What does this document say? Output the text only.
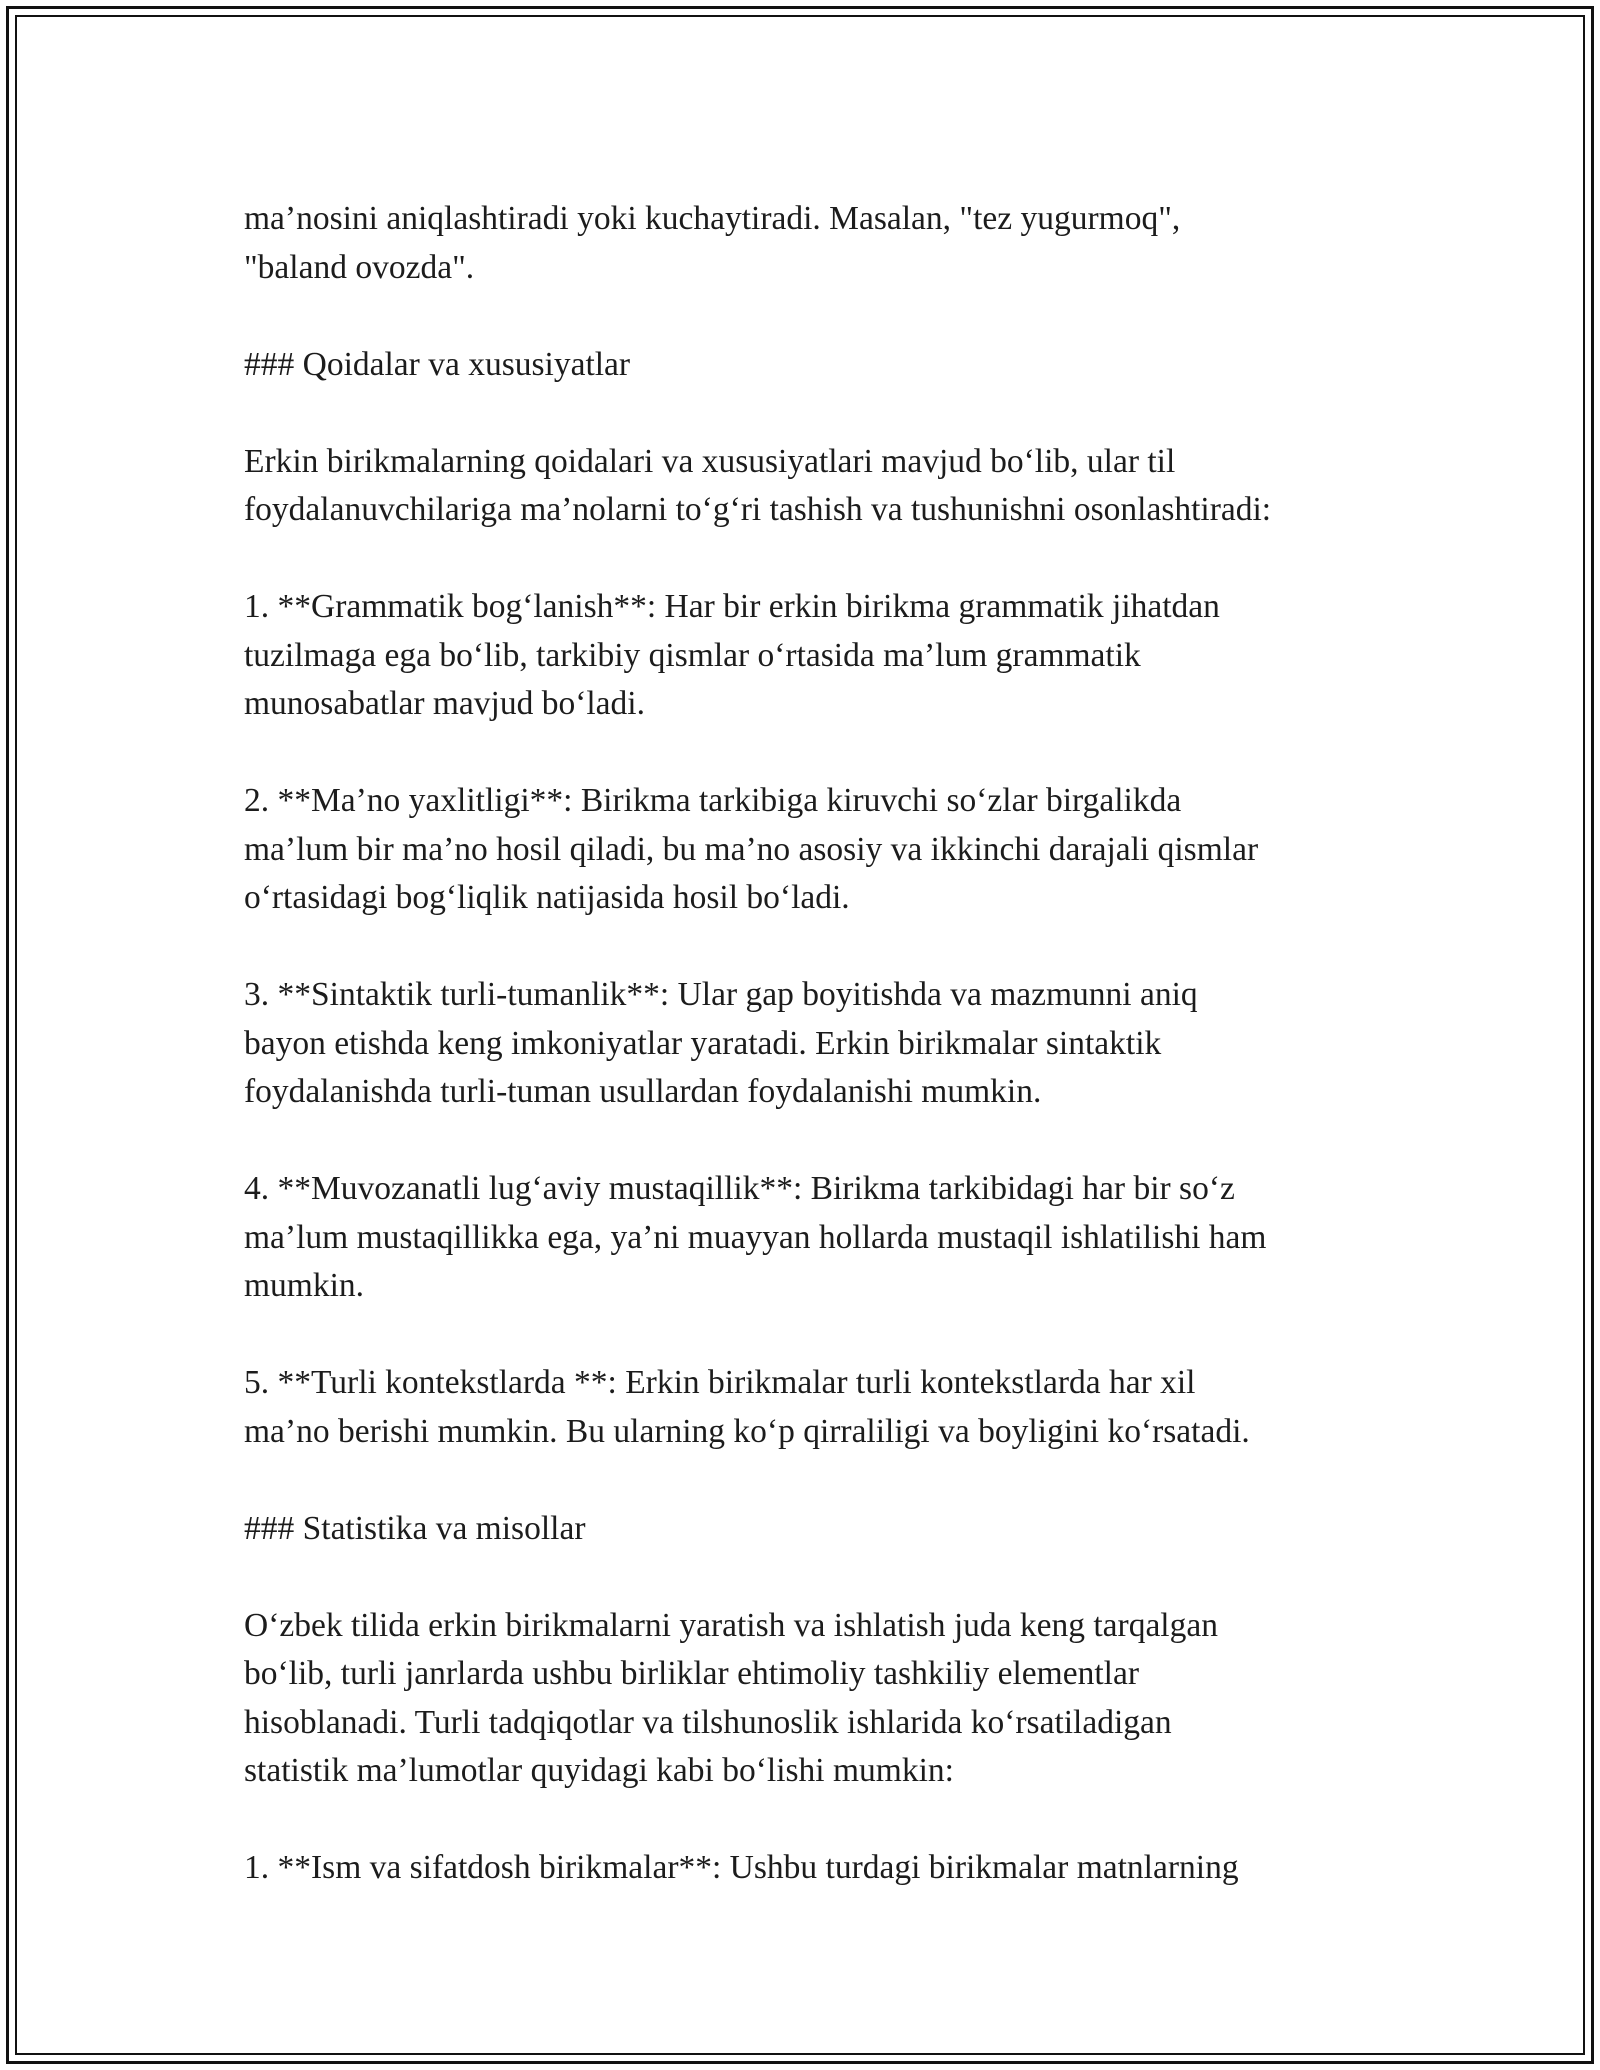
ma’nosini aniqlashtiradi yoki kuchaytiradi. Masalan, "tez yugurmoq",
"baland ovozda".
### Qoidalar va xususiyatlar
Erkin birikmalarning qoidalari va xususiyatlari mavjud bo‘lib, ular til
foydalanuvchilariga ma’nolarni to‘g‘ri tashish va tushunishni osonlashtiradi:
1. **Grammatik bog‘lanish**: Har bir erkin birikma grammatik jihatdan
tuzilmaga ega bo‘lib, tarkibiy qismlar o‘rtasida ma’lum grammatik
munosabatlar mavjud bo‘ladi.
2. **Ma’no yaxlitligi**: Birikma tarkibiga kiruvchi so‘zlar birgalikda
ma’lum bir ma’no hosil qiladi, bu ma’no asosiy va ikkinchi darajali qismlar
o‘rtasidagi bog‘liqlik natijasida hosil bo‘ladi.
3. **Sintaktik turli-tumanlik**: Ular gap boyitishda va mazmunni aniq
bayon etishda keng imkoniyatlar yaratadi. Erkin birikmalar sintaktik
foydalanishda turli-tuman usullardan foydalanishi mumkin.
4. **Muvozanatli lug‘aviy mustaqillik**: Birikma tarkibidagi har bir so‘z
ma’lum mustaqillikka ega, ya’ni muayyan hollarda mustaqil ishlatilishi ham
mumkin.
5. **Turli kontekstlarda **: Erkin birikmalar turli kontekstlarda har xil
ma’no berishi mumkin. Bu ularning ko‘p qirraliligi va boyligini ko‘rsatadi.
### Statistika va misollar
O‘zbek tilida erkin birikmalarni yaratish va ishlatish juda keng tarqalgan
bo‘lib, turli janrlarda ushbu birliklar ehtimoliy tashkiliy elementlar
hisoblanadi. Turli tadqiqotlar va tilshunoslik ishlarida ko‘rsatiladigan
statistik ma’lumotlar quyidagi kabi bo‘lishi mumkin:
1. **Ism va sifatdosh birikmalar**: Ushbu turdagi birikmalar matnlarning
